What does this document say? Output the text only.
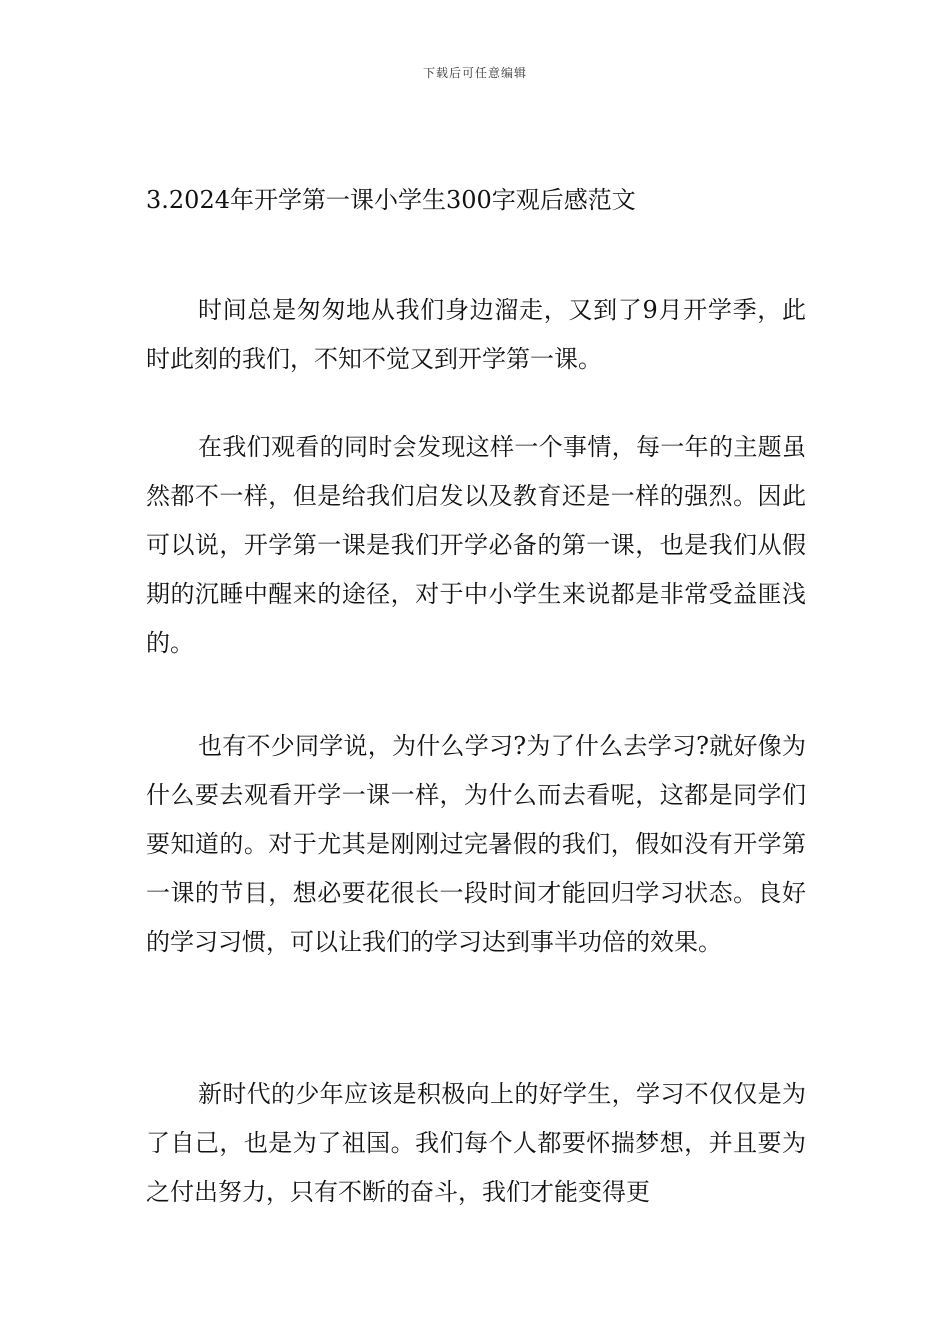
下载后可任意编辑
3.2024年开学第一课小学生300字观后感范文

时间总是匆匆地从我们身边溜走，又到了9月开学季，此时此刻的我们，不知不觉又到开学第一课。

在我们观看的同时会发现这样一个事情，每一年的主题虽然都不一样，但是给我们启发以及教育还是一样的强烈。因此可以说，开学第一课是我们开学必备的第一课，也是我们从假期的沉睡中醒来的途径，对于中小学生来说都是非常受益匪浅的。

也有不少同学说，为什么学习?为了什么去学习?就好像为什么要去观看开学一课一样，为什么而去看呢，这都是同学们要知道的。对于尤其是刚刚过完暑假的我们，假如没有开学第一课的节目，想必要花很长一段时间才能回归学习状态。良好的学习习惯，可以让我们的学习达到事半功倍的效果。

新时代的少年应该是积极向上的好学生，学习不仅仅是为了自己，也是为了祖国。我们每个人都要怀揣梦想，并且要为之付出努力，只有不断的奋斗，我们才能变得更
